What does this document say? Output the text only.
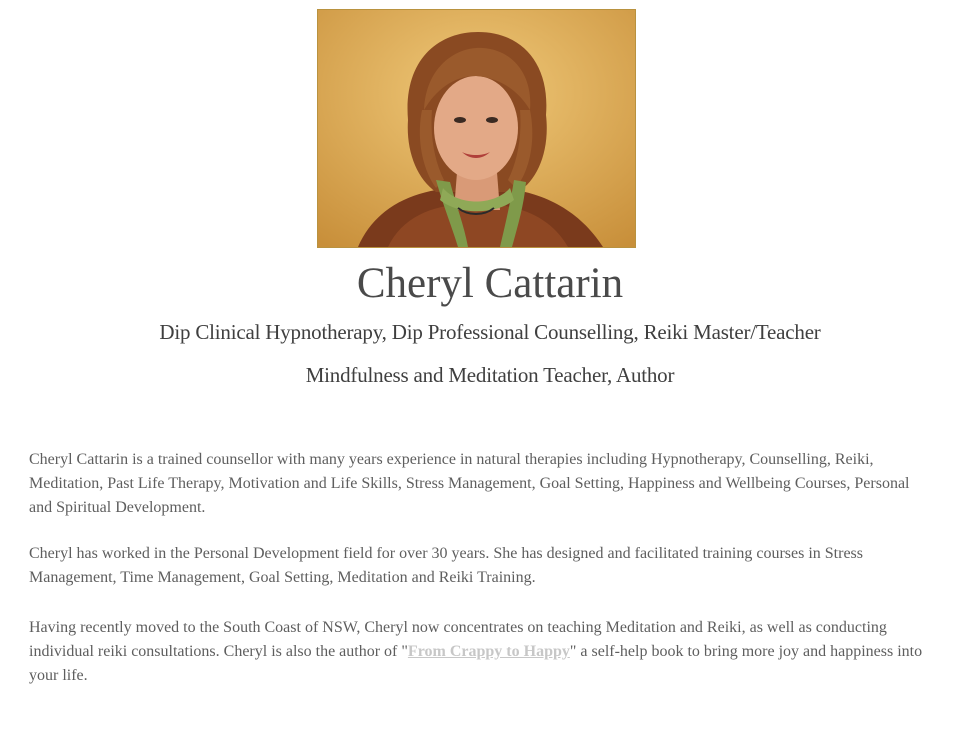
Cheryl Cattarin
Dip Clinical Hypnotherapy, Dip Professional Counselling, Reiki Master/Teacher
Mindfulness and Meditation Teacher, Author

Cheryl Cattarin is a trained counsellor with many years experience in natural therapies including Hypnotherapy, Counselling, Reiki, Meditation, Past Life Therapy, Motivation and Life Skills, Stress Management, Goal Setting, Happiness and Wellbeing Courses, Personal and Spiritual Development.

Cheryl has worked in the Personal Development field for over 30 years. She has designed and facilitated training courses in Stress Management, Time Management, Goal Setting, Meditation and Reiki Training.

Having recently moved to the South Coast of NSW, Cheryl now concentrates on teaching Meditation and Reiki, as well as conducting individual reiki consultations. Cheryl is also the author of "From Crappy to Happy" a self-help book to bring more joy and happiness into your life.
